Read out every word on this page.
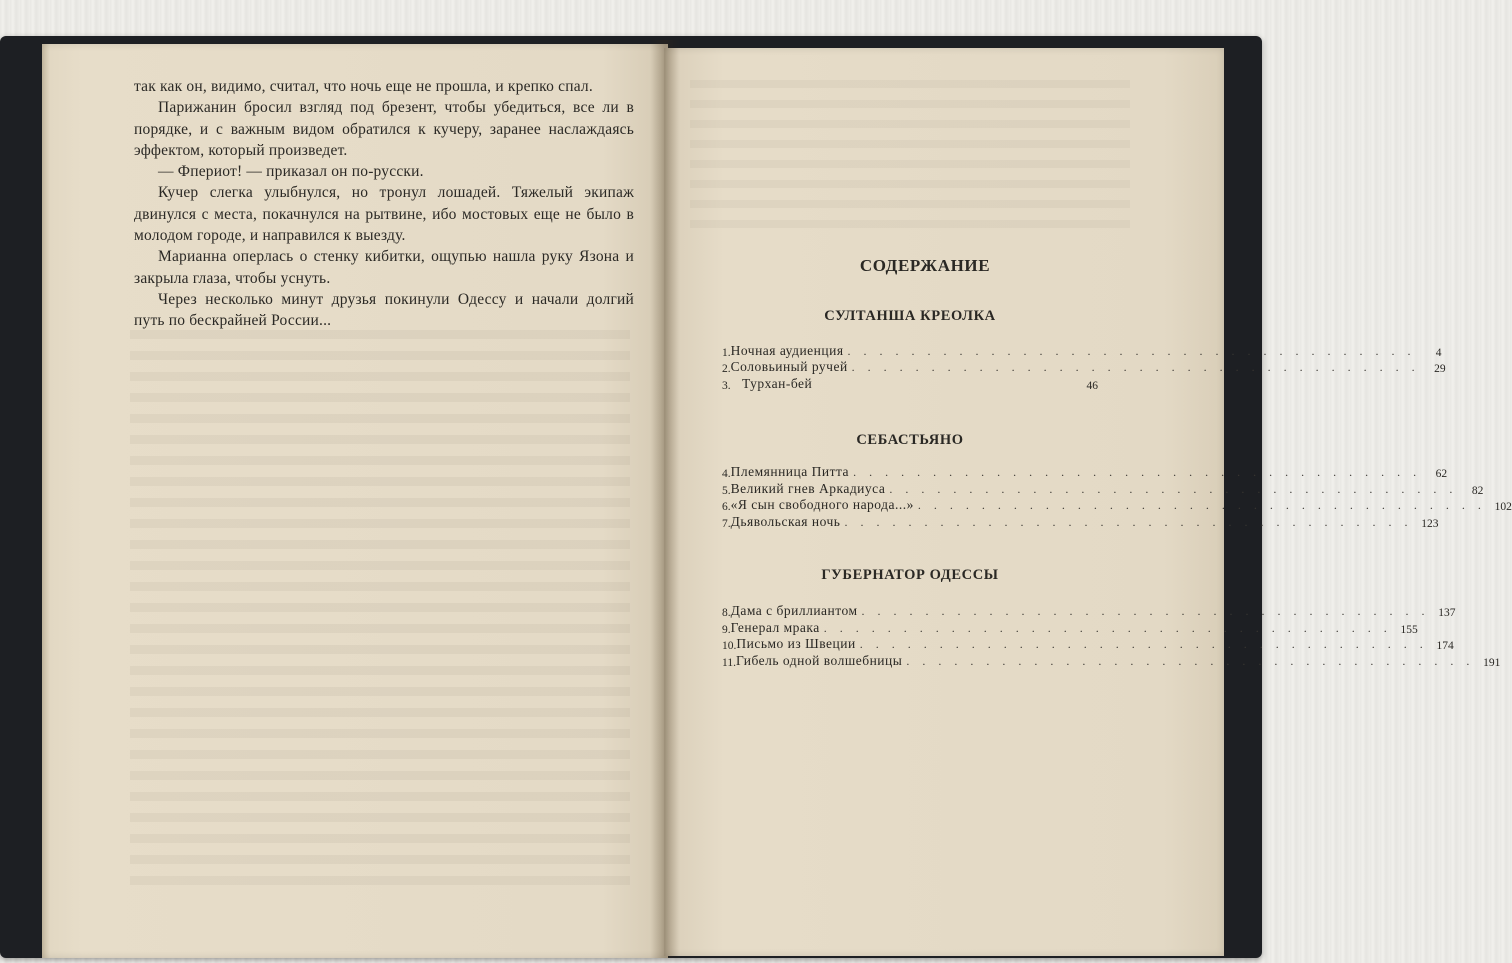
так как он, видимо, считал, что ночь еще не прошла, и крепко спал.

Парижанин бросил взгляд под брезент, чтобы убедиться, все ли в порядке, и с важным видом обратился к кучеру, заранее наслаждаясь эффектом, который произведет.

— Фпериот! — приказал он по-русски.

Кучер слегка улыбнулся, но тронул лошадей. Тяжелый экипаж двинулся с места, покачнулся на рытвине, ибо мостовых еще не было в молодом городе, и направился к выезду.

Марианна оперлась о стенку кибитки, ощупью нашла руку Язона и закрыла глаза, чтобы уснуть.

Через несколько минут друзья покинули Одессу и начали долгий путь по бескрайней России...

СОДЕРЖАНИЕ
СУЛТАНША КРЕОЛКА
1. Ночная аудиенция . . . . . . . . . . . . . . . . . . . . . . . . . . . . . . . . . . . .	4
2. Соловьиный ручей . . . . . . . . . . . . . . . . . . . . . . . . . . . . . . . . . . . .	29
3. Турхан-бей	46
СЕБАСТЬЯНО
4. Племянница Питта . . . . . . . . . . . . . . . . . . . . . . . . . . . . . . . . . . . .	62
5. Великий гнев Аркадиуса . . . . . . . . . . . . . . . . . . . . . . . . . . . . . . . . . . . .	82
6. «Я сын свободного народа...» . . . . . . . . . . . . . . . . . . . . . . . . . . . . . . . . . . . . 102
7. Дьявольская ночь . . . . . . . . . . . . . . . . . . . . . . . . . . . . . . . . . . . . 123
ГУБЕРНАТОР ОДЕССЫ
8. Дама с бриллиантом . . . . . . . . . . . . . . . . . . . . . . . . . . . . . . . . . . . . 137
9. Генерал мрака . . . . . . . . . . . . . . . . . . . . . . . . . . . . . . . . . . . . 155
10. Письмо из Швеции . . . . . . . . . . . . . . . . . . . . . . . . . . . . . . . . . . . . 174
11. Гибель одной волшебницы . . . . . . . . . . . . . . . . . . . . . . . . . . . . . . . . . . . . 191
